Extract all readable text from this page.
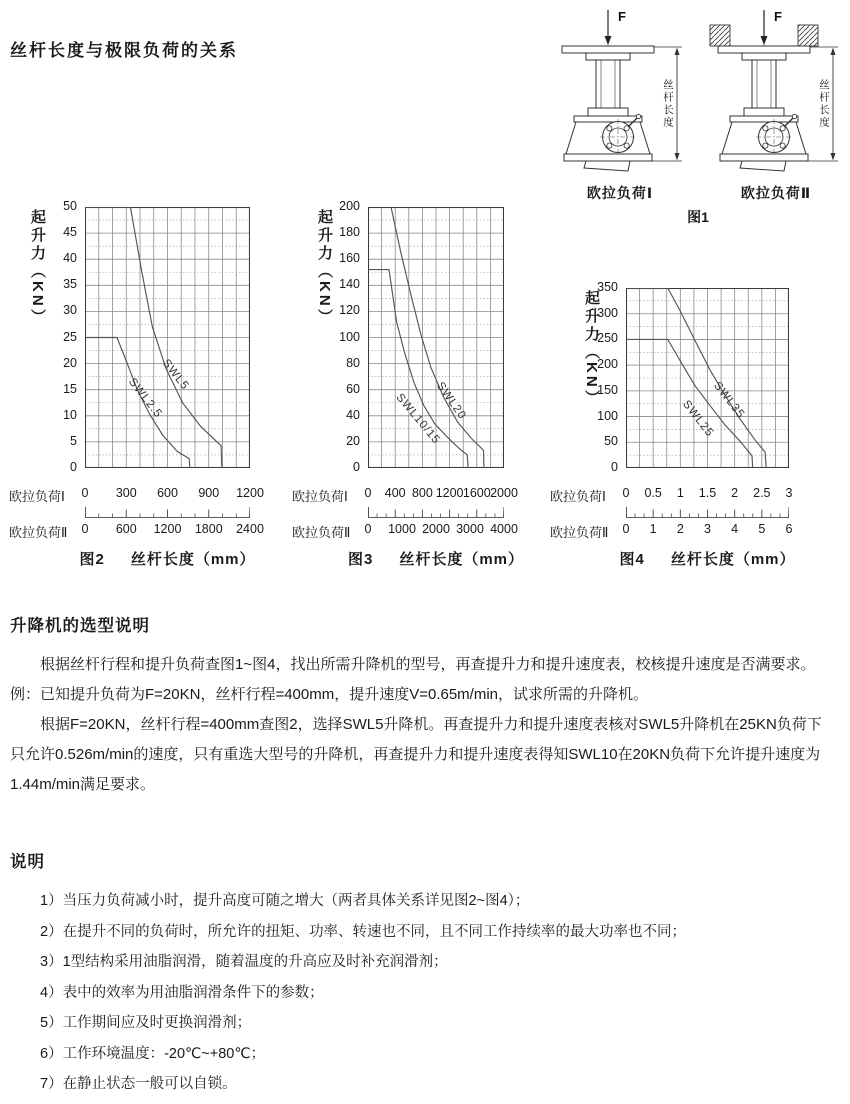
丝杆长度与极限负荷的关系
F
丝杆长度
欧拉负荷Ⅰ
F
丝杆长度
欧拉负荷Ⅱ
图1
起升力（KN）
0
5
10
15
20
25
30
35
40
45
50
SWL5
SWL2.5
欧拉负荷Ⅰ	0 300 600 900 1200
欧拉负荷Ⅱ	0 600 1200 1800 2400
图2 丝杆长度（mm）
起升力（KN）
0
20
40
60
80
100
120
140
160
180
200
SWL20
SWL10/15
欧拉负荷Ⅰ	0 400 800 1200 1600 2000
欧拉负荷Ⅱ	0 1000 2000 3000 4000
图3 丝杆长度（mm）
起升力（KN）
0
50
100
150
200
250
300
350
SWL35
SWL25
欧拉负荷Ⅰ	0 0.5 1 1.5 2 2.5 3
欧拉负荷Ⅱ	0 1 2 3 4 5 6
图4 丝杆长度（mm）
升降机的选型说明

根据丝杆行程和提升负荷查图1~图4，找出所需升降机的型号，再查提升力和提升速度表，校核提升速度是否满要求。

例：已知提升负荷为F=20KN，丝杆行程=400mm，提升速度V=0.65m/min，试求所需的升降机。

根据F=20KN，丝杆行程=400mm查图2，选择SWL5升降机。再查提升力和提升速度表核对SWL5升降机在25KN负荷下只允许0.526m/min的速度，只有重选大型号的升降机，再查提升力和提升速度表得知SWL10在20KN负荷下允许提升速度为1.44m/min满足要求。

说明
1）当压力负荷减小时，提升高度可随之增大（两者具体关系详见图2~图4）；
2）在提升不同的负荷时，所允许的扭矩、功率、转速也不同，且不同工作持续率的最大功率也不同；
3）1型结构采用油脂润滑，随着温度的升高应及时补充润滑剂；
4）表中的效率为用油脂润滑条件下的参数；
5）工作期间应及时更换润滑剂；
6）工作环境温度：-20℃~+80℃；
7）在静止状态一般可以自锁。
